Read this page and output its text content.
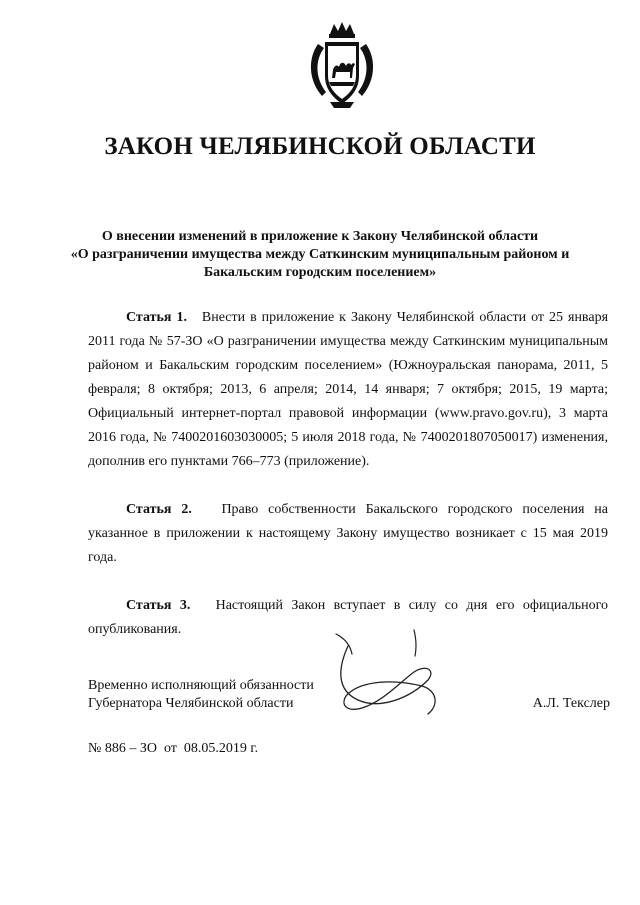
ЗАКОН ЧЕЛЯБИНСКОЙ ОБЛАСТИ
О внесении изменений в приложение к Закону Челябинской области
«О разграничении имущества между Саткинским муниципальным районом и
Бакальским городским поселением»
Статья 1. Внести в приложение к Закону Челябинской области от 25 января 2011 года № 57-ЗО «О разграничении имущества между Саткинским муниципальным районом и Бакальским городским поселением» (Южноуральская панорама, 2011, 5 февраля; 8 октября; 2013, 6 апреля; 2014, 14 января; 7 октября; 2015, 19 марта; Официальный интернет-портал правовой информации (www.pravo.gov.ru), 3 марта 2016 года, № 7400201603030005; 5 июля 2018 года, № 7400201807050017) изменения, дополнив его пунктами 766–773 (приложение).
Статья 2. Право собственности Бакальского городского поселения на указанное в приложении к настоящему Закону имущество возникает с 15 мая 2019 года.
Статья 3. Настоящий Закон вступает в силу со дня его официального опубликования.
Временно исполняющий обязанности
Губернатора Челябинской области	А.Л. Текслер
№ 886 – ЗО  от  08.05.2019 г.
